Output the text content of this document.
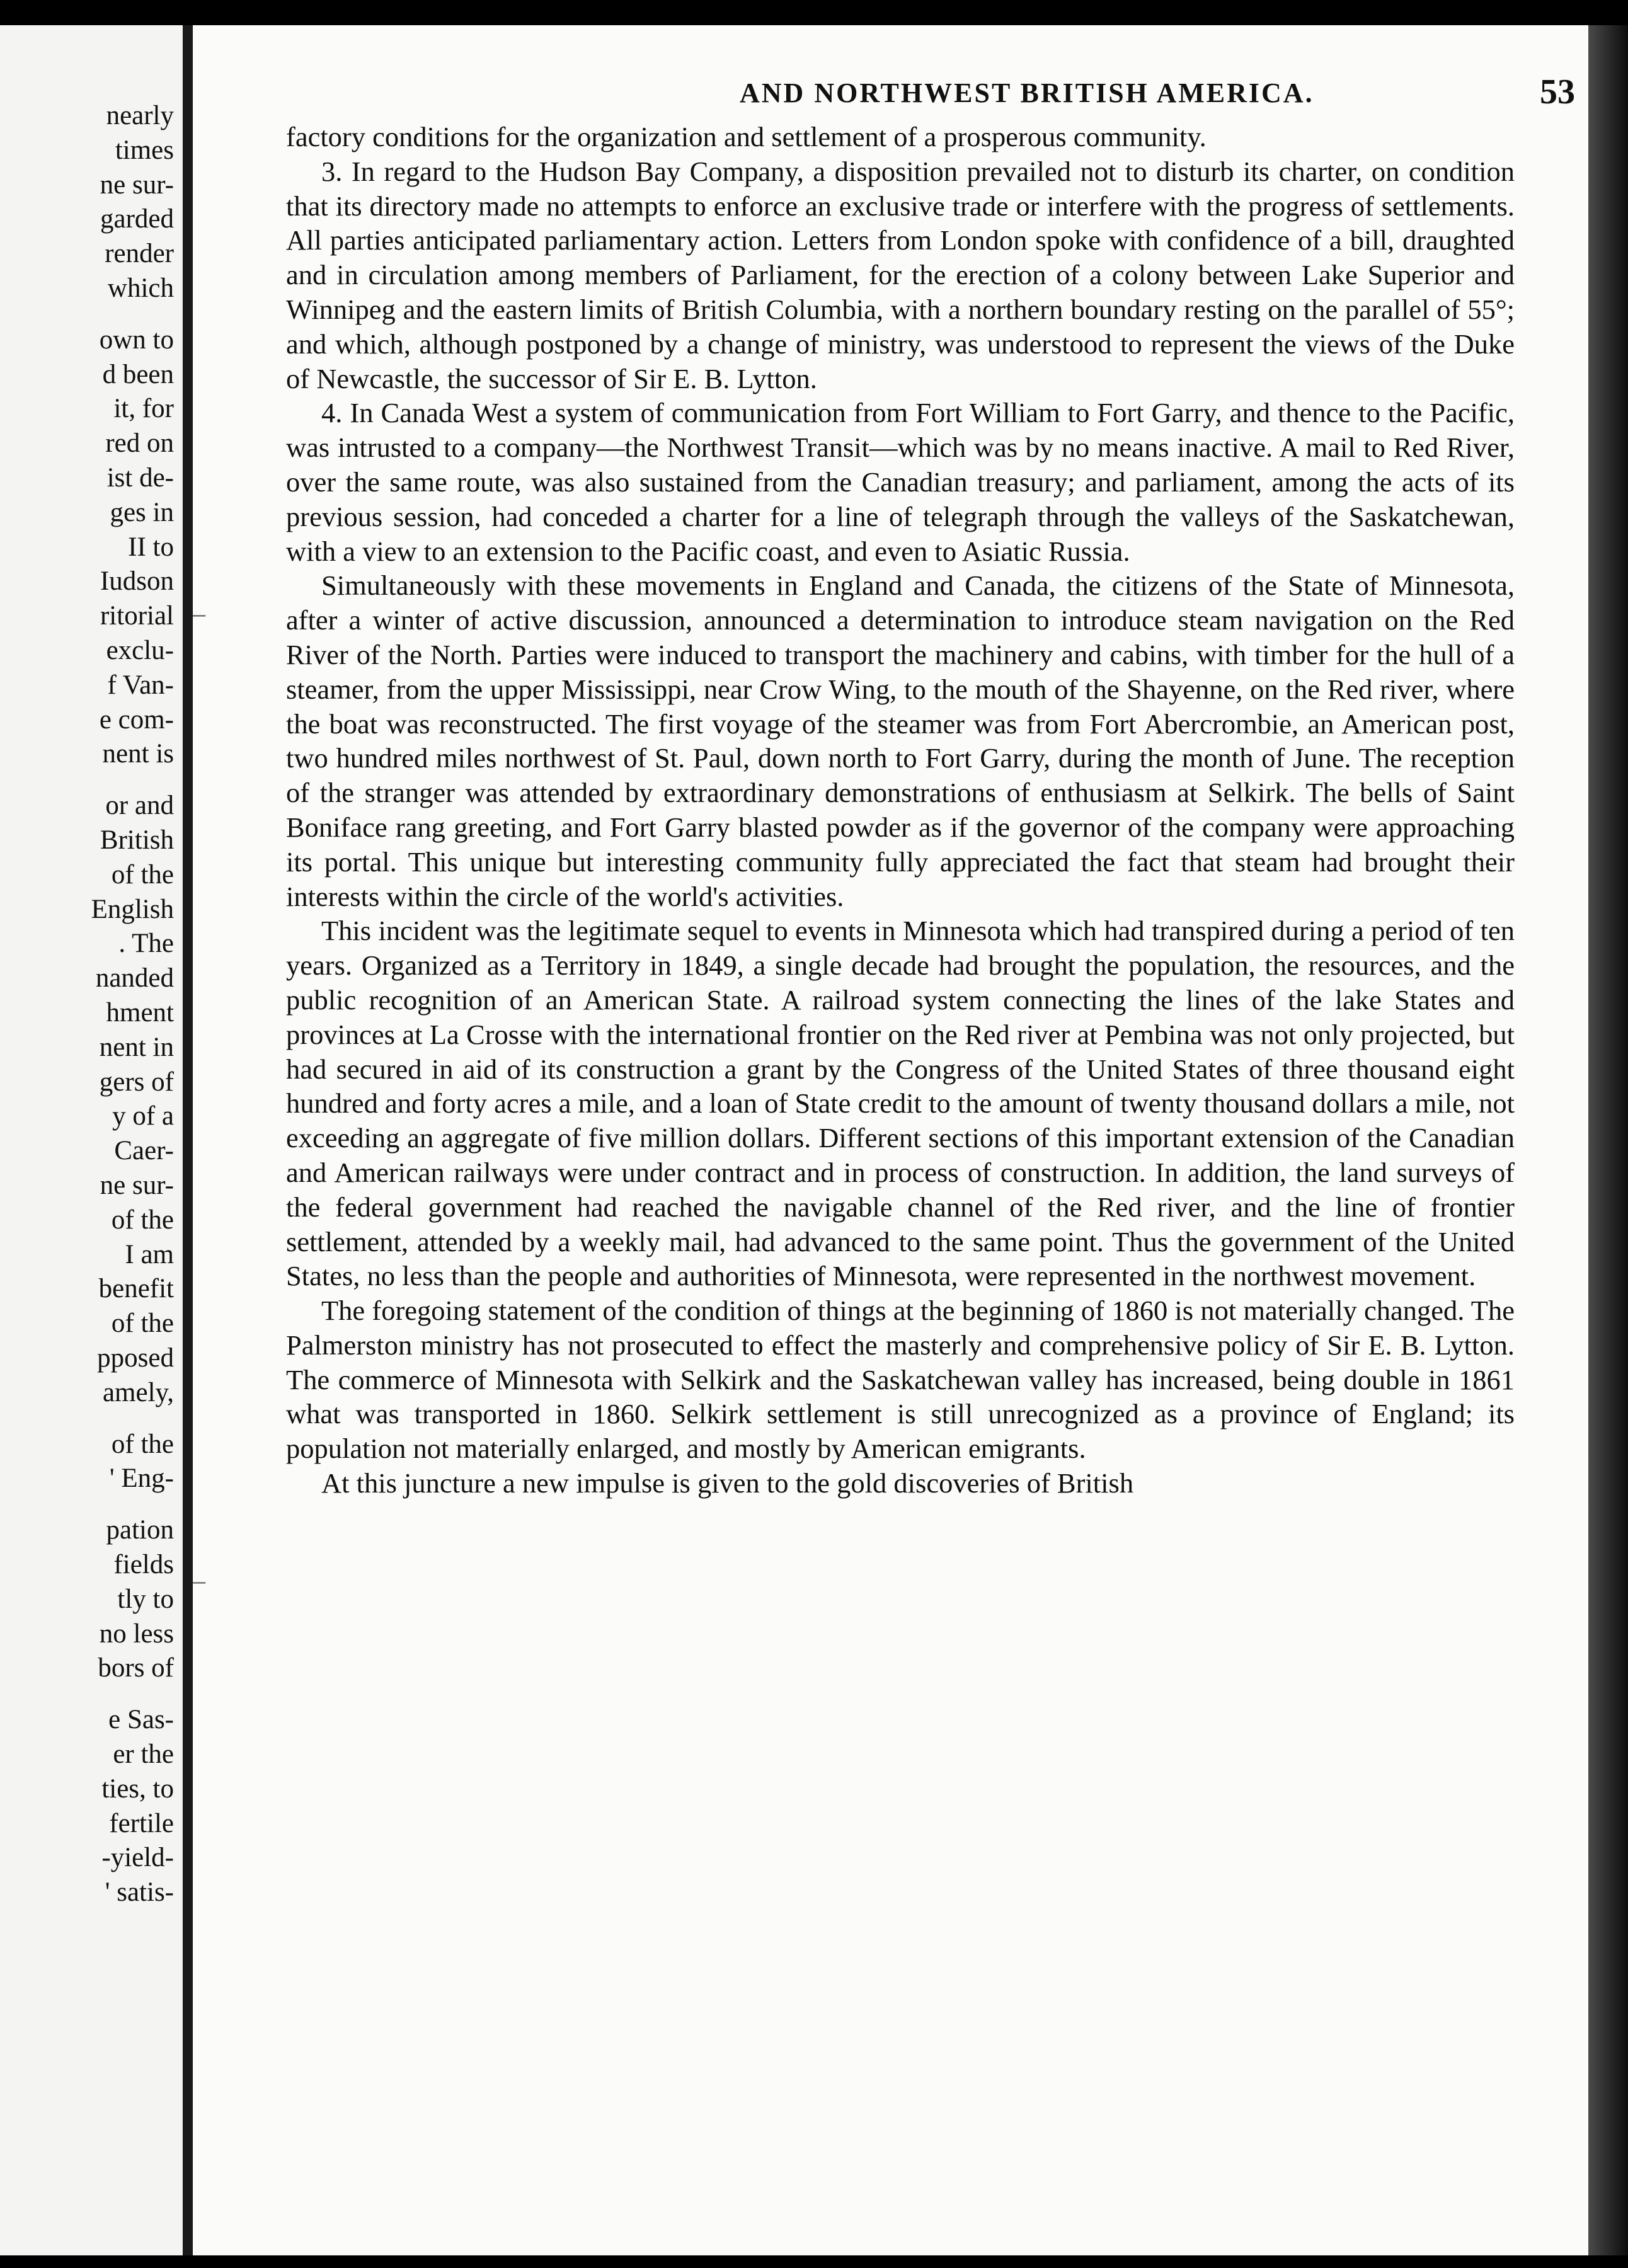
nearly
times
ne sur-
garded
render
which
own to
d been
it, for
red on
ist de-
ges in
II to
Iudson
ritorial
exclu-
f Van-
e com-
nent is
or and
British
of the
English
. The
nanded
hment
nent in
gers of
y of a
Caer-
ne sur-
of the
I am
benefit
of the
pposed
amely,
of the
' Eng-
pation
fields
tly to
no less
bors of
e Sas-
er the
ties, to
fertile
-yield-
' satis-
AND NORTHWEST BRITISH AMERICA.	53

factory conditions for the organization and settlement of a prosperous community.

3. In regard to the Hudson Bay Company, a disposition prevailed not to disturb its charter, on condition that its directory made no attempts to enforce an exclusive trade or interfere with the progress of settlements. All parties anticipated parliamentary action. Letters from London spoke with confidence of a bill, draughted and in circulation among members of Parliament, for the erection of a colony between Lake Superior and Winnipeg and the eastern limits of British Columbia, with a northern boundary resting on the parallel of 55°; and which, although postponed by a change of ministry, was understood to represent the views of the Duke of Newcastle, the successor of Sir E. B. Lytton.

4. In Canada West a system of communication from Fort William to Fort Garry, and thence to the Pacific, was intrusted to a company—the Northwest Transit—which was by no means inactive. A mail to Red River, over the same route, was also sustained from the Canadian treasury; and parliament, among the acts of its previous session, had conceded a charter for a line of telegraph through the valleys of the Saskatchewan, with a view to an extension to the Pacific coast, and even to Asiatic Russia.

Simultaneously with these movements in England and Canada, the citizens of the State of Minnesota, after a winter of active discussion, announced a determination to introduce steam navigation on the Red River of the North. Parties were induced to transport the machinery and cabins, with timber for the hull of a steamer, from the upper Mississippi, near Crow Wing, to the mouth of the Shayenne, on the Red river, where the boat was reconstructed. The first voyage of the steamer was from Fort Abercrombie, an American post, two hundred miles northwest of St. Paul, down north to Fort Garry, during the month of June. The reception of the stranger was attended by extraordinary demonstrations of enthusiasm at Selkirk. The bells of Saint Boniface rang greeting, and Fort Garry blasted powder as if the governor of the company were approaching its portal. This unique but interesting community fully appreciated the fact that steam had brought their interests within the circle of the world's activities.

This incident was the legitimate sequel to events in Minnesota which had transpired during a period of ten years. Organized as a Territory in 1849, a single decade had brought the population, the resources, and the public recognition of an American State. A railroad system connecting the lines of the lake States and provinces at La Crosse with the international frontier on the Red river at Pembina was not only projected, but had secured in aid of its construction a grant by the Congress of the United States of three thousand eight hundred and forty acres a mile, and a loan of State credit to the amount of twenty thousand dollars a mile, not exceeding an aggregate of five million dollars. Different sections of this important extension of the Canadian and American railways were under contract and in process of construction. In addition, the land surveys of the federal government had reached the navigable channel of the Red river, and the line of frontier settlement, attended by a weekly mail, had advanced to the same point. Thus the government of the United States, no less than the people and authorities of Minnesota, were represented in the northwest movement.

The foregoing statement of the condition of things at the beginning of 1860 is not materially changed. The Palmerston ministry has not prosecuted to effect the masterly and comprehensive policy of Sir E. B. Lytton. The commerce of Minnesota with Selkirk and the Saskatchewan valley has increased, being double in 1861 what was transported in 1860. Selkirk settlement is still unrecognized as a province of England; its population not materially enlarged, and mostly by American emigrants.

At this juncture a new impulse is given to the gold discoveries of British

–
–
